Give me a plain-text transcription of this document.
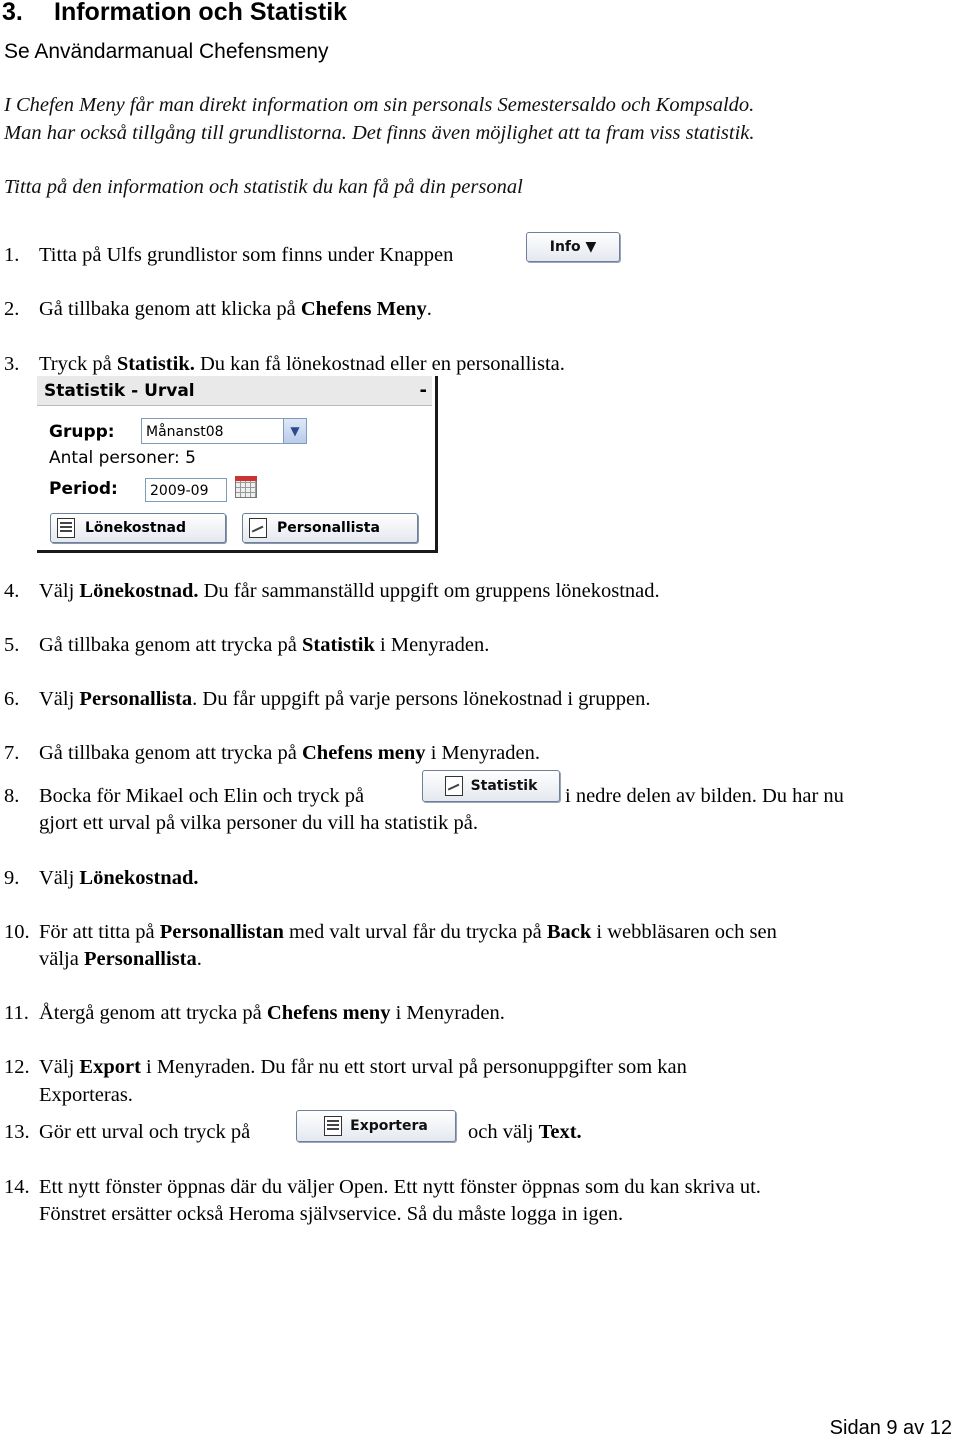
3. Information och Statistik
Se Användarmanual Chefensmeny
I Chefen Meny får man direkt information om sin personals Semestersaldo och Kompsaldo.
Man har också tillgång till grundlistorna. Det finns även möjlighet att ta fram viss statistik.
Titta på den information och statistik du kan få på din personal
1. Titta på Ulfs grundlistor som finns under Knappen	Info ▼
2. Gå tillbaka genom att klicka på Chefens Meny.
3. Tryck på Statistik. Du kan få lönekostnad eller en personallista.
Statistik - Urval	-
Grupp:	Månanst08	▼
Antal personer: 5
Period:	2009-09
Lönekostnad	Personallista
4. Välj Lönekostnad. Du får sammanställd uppgift om gruppens lönekostnad.
5. Gå tillbaka genom att trycka på Statistik i Menyraden.
6. Välj Personallista. Du får uppgift på varje persons lönekostnad i gruppen.
7. Gå tillbaka genom att trycka på Chefens meny i Menyraden.
8. Bocka för Mikael och Elin och tryck på	Statistik i nedre delen av bilden. Du har nu
gjort ett urval på vilka personer du vill ha statistik på.
9. Välj Lönekostnad.
10. För att titta på Personallistan med valt urval får du trycka på Back i webbläsaren och sen
välja Personallista.
11. Återgå genom att trycka på Chefens meny i Menyraden.
12. Välj Export i Menyraden. Du får nu ett stort urval på personuppgifter som kan
Exporteras.
13. Gör ett urval och tryck på	Exportera och välj Text.
14. Ett nytt fönster öppnas där du väljer Open. Ett nytt fönster öppnas som du kan skriva ut.
Fönstret ersätter också Heroma självservice. Så du måste logga in igen.
Sidan 9 av 12
